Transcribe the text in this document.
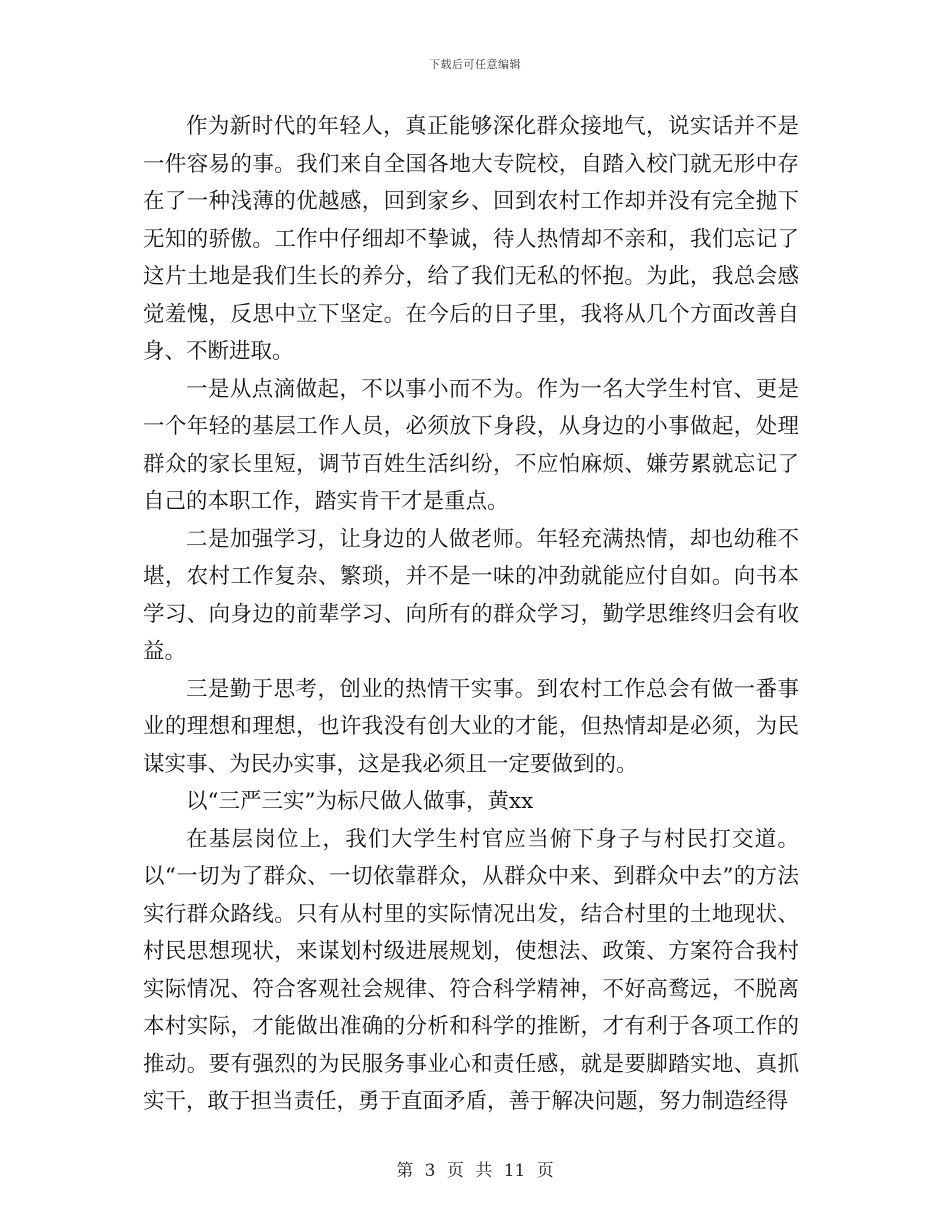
下载后可任意编辑

作为新时代的年轻人，真正能够深化群众接地气，说实话并不是一件容易的事。我们来自全国各地大专院校，自踏入校门就无形中存在了一种浅薄的优越感，回到家乡、回到农村工作却并没有完全抛下无知的骄傲。工作中仔细却不挚诚，待人热情却不亲和，我们忘记了这片土地是我们生长的养分，给了我们无私的怀抱。为此，我总会感觉羞愧，反思中立下坚定。在今后的日子里，我将从几个方面改善自身、不断进取。

一是从点滴做起，不以事小而不为。作为一名大学生村官、更是一个年轻的基层工作人员，必须放下身段，从身边的小事做起，处理群众的家长里短，调节百姓生活纠纷，不应怕麻烦、嫌劳累就忘记了自己的本职工作，踏实肯干才是重点。

二是加强学习，让身边的人做老师。年轻充满热情，却也幼稚不堪，农村工作复杂、繁琐，并不是一味的冲劲就能应付自如。向书本学习、向身边的前辈学习、向所有的群众学习，勤学思维终归会有收益。

三是勤于思考，创业的热情干实事。到农村工作总会有做一番事业的理想和理想，也许我没有创大业的才能，但热情却是必须，为民谋实事、为民办实事，这是我必须且一定要做到的。

以“三严三实”为标尺做人做事，黄xx

在基层岗位上，我们大学生村官应当俯下身子与村民打交道。以“一切为了群众、一切依靠群众，从群众中来、到群众中去”的方法实行群众路线。只有从村里的实际情况出发，结合村里的土地现状、村民思想现状，来谋划村级进展规划，使想法、政策、方案符合我村实际情况、符合客观社会规律、符合科学精神，不好高鹜远，不脱离本村实际，才能做出准确的分析和科学的推断，才有利于各项工作的推动。要有强烈的为民服务事业心和责任感，就是要脚踏实地、真抓实干，敢于担当责任，勇于直面矛盾，善于解决问题，努力制造经得

第 3 页 共 11 页
